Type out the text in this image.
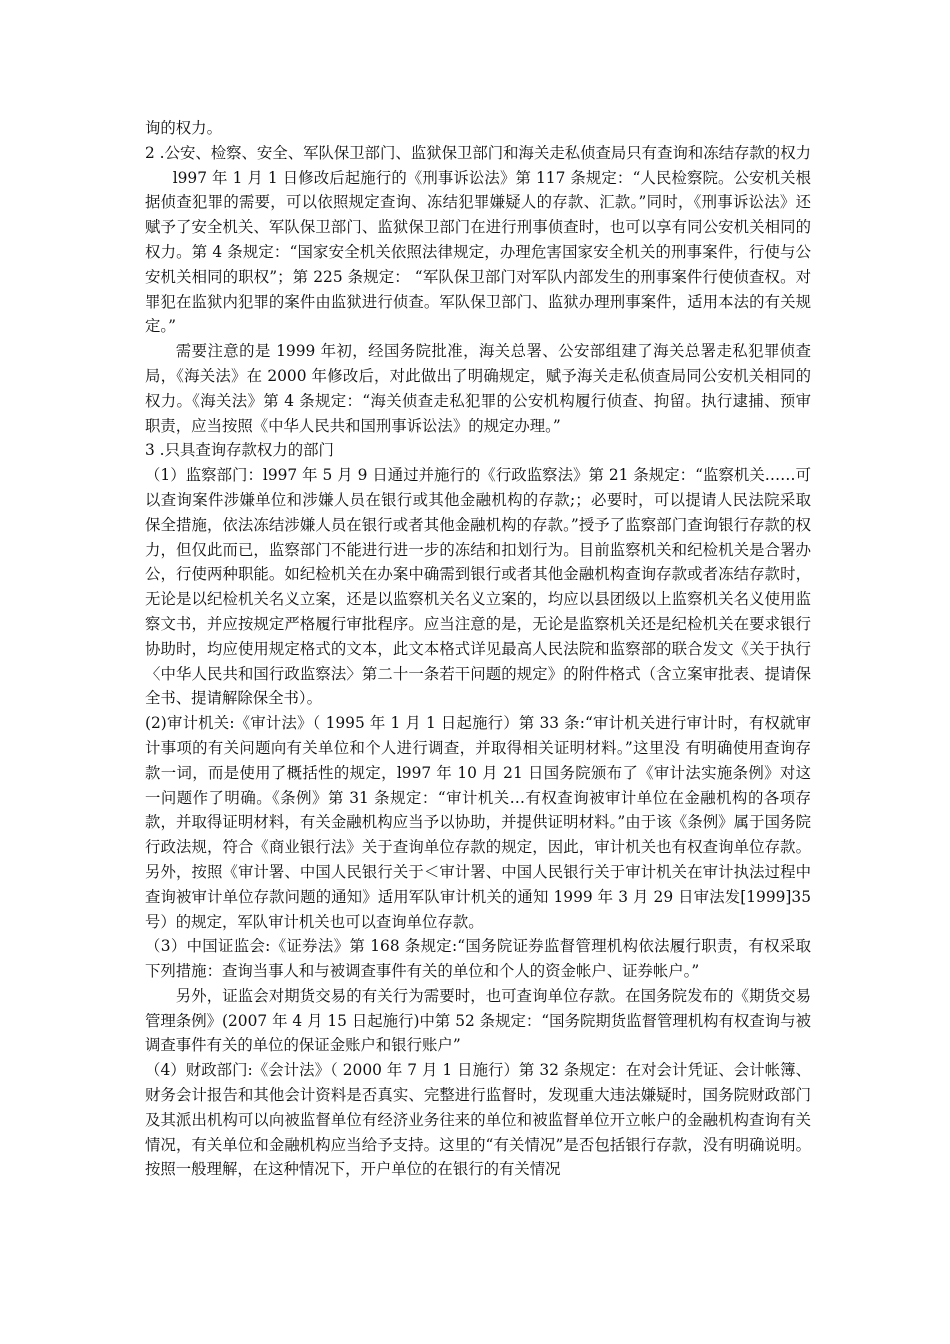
询的权力。

2 .公安、检察、安全、军队保卫部门、监狱保卫部门和海关走私侦查局只有查询和冻结存款的权力

l997 年 1 月 1 日修改后起施行的《刑事诉讼法》第 117 条规定：“人民检察院。公安机关根据侦查犯罪的需要，可以依照规定查询、冻结犯罪嫌疑人的存款、汇款。”同时，《刑事诉讼法》还赋予了安全机关、军队保卫部门、监狱保卫部门在进行刑事侦查时，也可以享有同公安机关相同的权力。第 4 条规定：“国家安全机关依照法律规定，办理危害国家安全机关的刑事案件，行使与公安机关相同的职权”；第 225 条规定： “军队保卫部门对军队内部发生的刑事案件行使侦查权。对罪犯在监狱内犯罪的案件由监狱进行侦查。军队保卫部门、监狱办理刑事案件，适用本法的有关规定。”

需要注意的是 1999 年初，经国务院批准，海关总署、公安部组建了海关总署走私犯罪侦查局，《海关法》在 2000 年修改后，对此做出了明确规定，赋予海关走私侦查局同公安机关相同的权力。《海关法》第 4 条规定：“海关侦查走私犯罪的公安机构履行侦查、拘留。执行逮捕、预审职责，应当按照《中华人民共和国刑事诉讼法》的规定办理。”

3 .只具查询存款权力的部门

（1）监察部门：l997 年 5 月 9 日通过并施行的《行政监察法》第 21 条规定：“监察机关……可以查询案件涉嫌单位和涉嫌人员在银行或其他金融机构的存款;；必要时，可以提请人民法院采取保全措施，依法冻结涉嫌人员在银行或者其他金融机构的存款。”授予了监察部门查询银行存款的权力，但仅此而已，监察部门不能进行进一步的冻结和扣划行为。目前监察机关和纪检机关是合署办公，行使两种职能。如纪检机关在办案中确需到银行或者其他金融机构查询存款或者冻结存款时，无论是以纪检机关名义立案，还是以监察机关名义立案的，均应以县团级以上监察机关名义使用监察文书，并应按规定严格履行审批程序。应当注意的是，无论是监察机关还是纪检机关在要求银行协助时，均应使用规定格式的文本，此文本格式详见最高人民法院和监察部的联合发文《关于执行〈中华人民共和国行政监察法〉第二十一条若干问题的规定》的附件格式（含立案审批表、提请保全书、提请解除保全书）。

(2)审计机关:《审计法》（ 1995 年 1 月 1 日起施行）第 33 条:“审计机关进行审计时，有权就审计事项的有关问题向有关单位和个人进行调查，并取得相关证明材料。”这里没 有明确使用查询存款一词，而是使用了概括性的规定，l997 年 10 月 21 日国务院颁布了《审计法实施条例》对这一问题作了明确。《条例》第 31 条规定：“审计机关…有权查询被审计单位在金融机构的各项存款，并取得证明材料，有关金融机构应当予以协助，并提供证明材料。”由于该《条例》属于国务院行政法规，符合《商业银行法》关于查询单位存款的规定，因此，审计机关也有权查询单位存款。另外，按照《审计署、中国人民银行关于＜审计署、中国人民银行关于审计机关在审计执法过程中查询被审计单位存款问题的通知》适用军队审计机关的通知 1999 年 3 月 29 日审法发[1999]35 号）的规定，军队审计机关也可以查询单位存款。

（3）中国证监会:《证券法》第 168 条规定:“国务院证券监督管理机构依法履行职责，有权采取下列措施：查询当事人和与被调查事件有关的单位和个人的资金帐户、证券帐户。”

另外，证监会对期货交易的有关行为需要时，也可查询单位存款。在国务院发布的《期货交易管理条例》(2007 年 4 月 15 日起施行)中第 52 条规定：“国务院期货监督管理机构有权查询与被调查事件有关的单位的保证金账户和银行账户”

（4）财政部门:《会计法》（ 2000 年 7 月 1 日施行）第 32 条规定：在对会计凭证、会计帐簿、财务会计报告和其他会计资料是否真实、完整进行监督时，发现重大违法嫌疑时，国务院财政部门及其派出机构可以向被监督单位有经济业务往来的单位和被监督单位开立帐户的金融机构查询有关情况，有关单位和金融机构应当给予支持。这里的“有关情况”是否包括银行存款，没有明确说明。按照一般理解，在这种情况下，开户单位的在银行的有关情况
